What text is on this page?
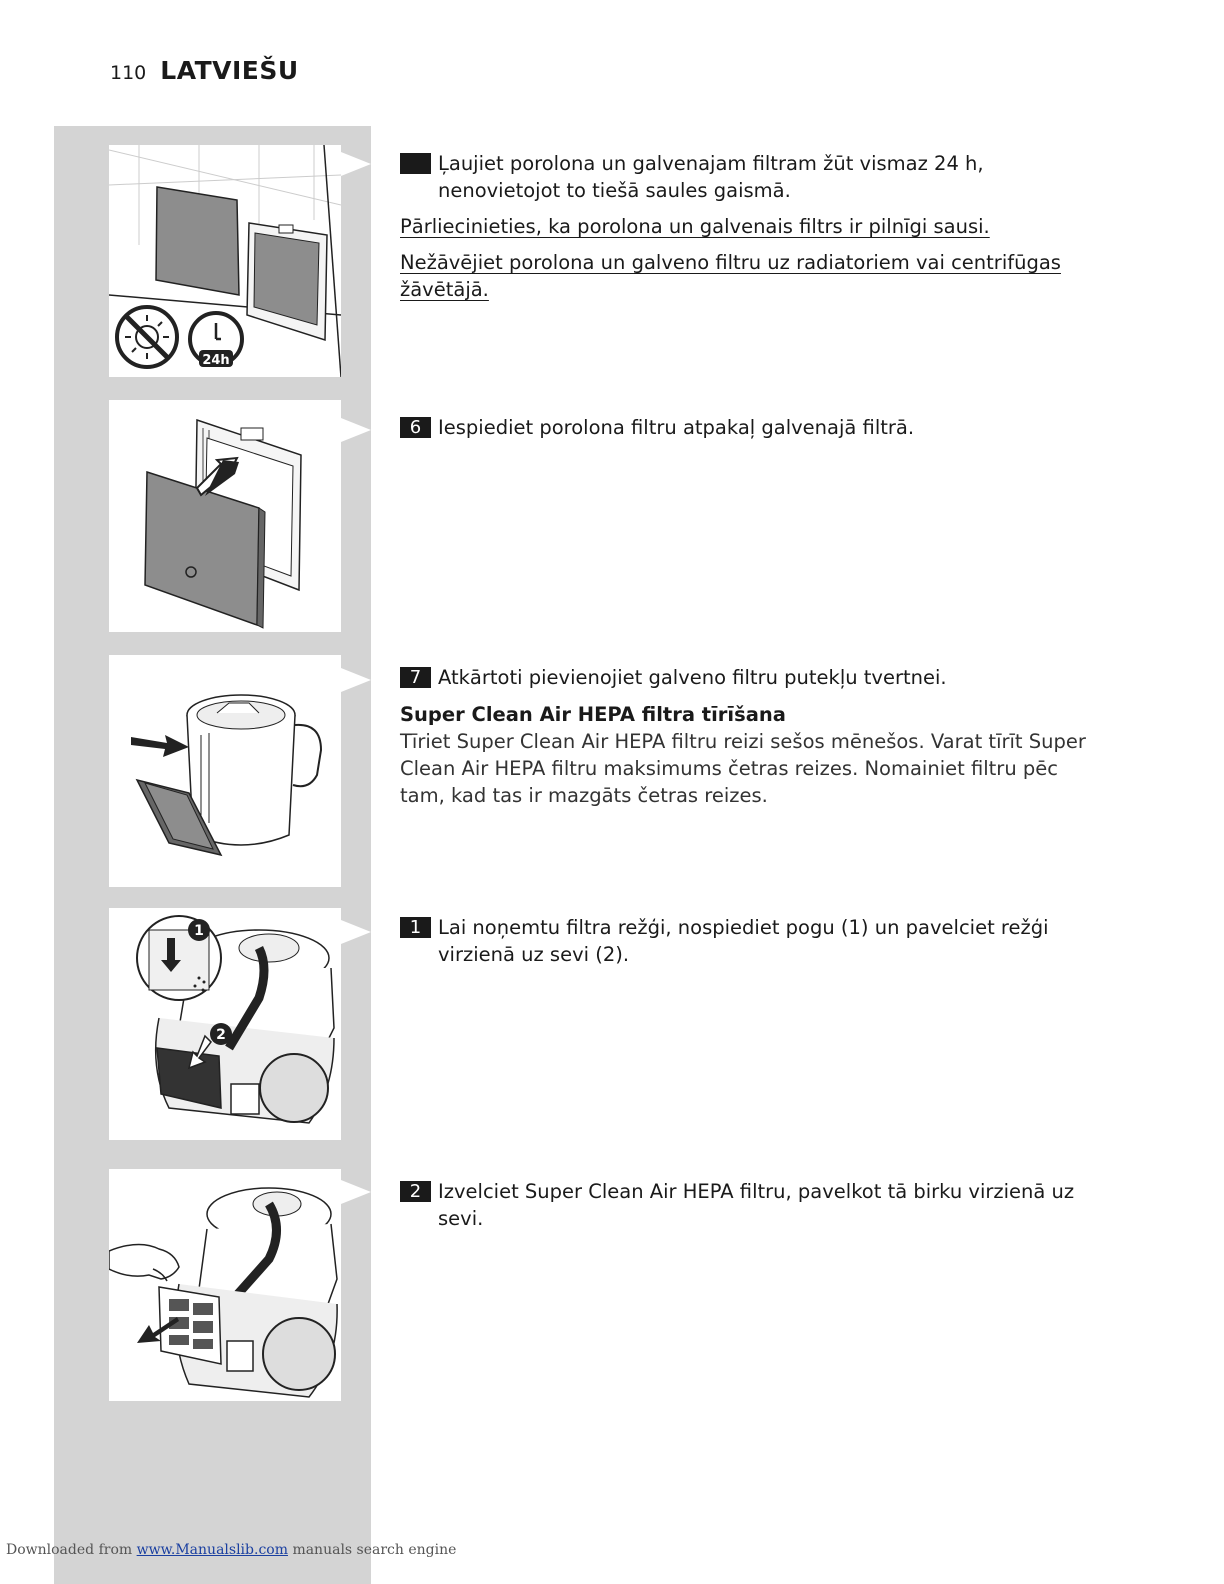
110 LATVIEŠU
24h
1
2
Ļaujiet porolona un galvenajam filtram žūt vismaz 24 h, nenovietojot to tiešā saules gaismā.

Pārliecinieties, ka porolona un galvenais filtrs ir pilnīgi sausi.

Nežāvējiet porolona un galveno filtru uz radiatoriem vai centrifūgas žāvētājā.

6 Iespiediet porolona filtru atpakaļ galvenajā filtrā.
7 Atkārtoti pievienojiet galveno filtru putekļu tvertnei.
Super Clean Air HEPA filtra tīrīšana
Tīriet Super Clean Air HEPA filtru reizi sešos mēnešos. Varat tīrīt Super Clean Air HEPA filtru maksimums četras reizes. Nomainiet filtru pēc tam, kad tas ir mazgāts četras reizes.
1 Lai noņemtu filtra režģi, nospiediet pogu (1) un pavelciet režģi virzienā uz sevi (2).
2 Izvelciet Super Clean Air HEPA filtru, pavelkot tā birku virzienā uz sevi.
Downloaded from www.Manualslib.com manuals search engine
